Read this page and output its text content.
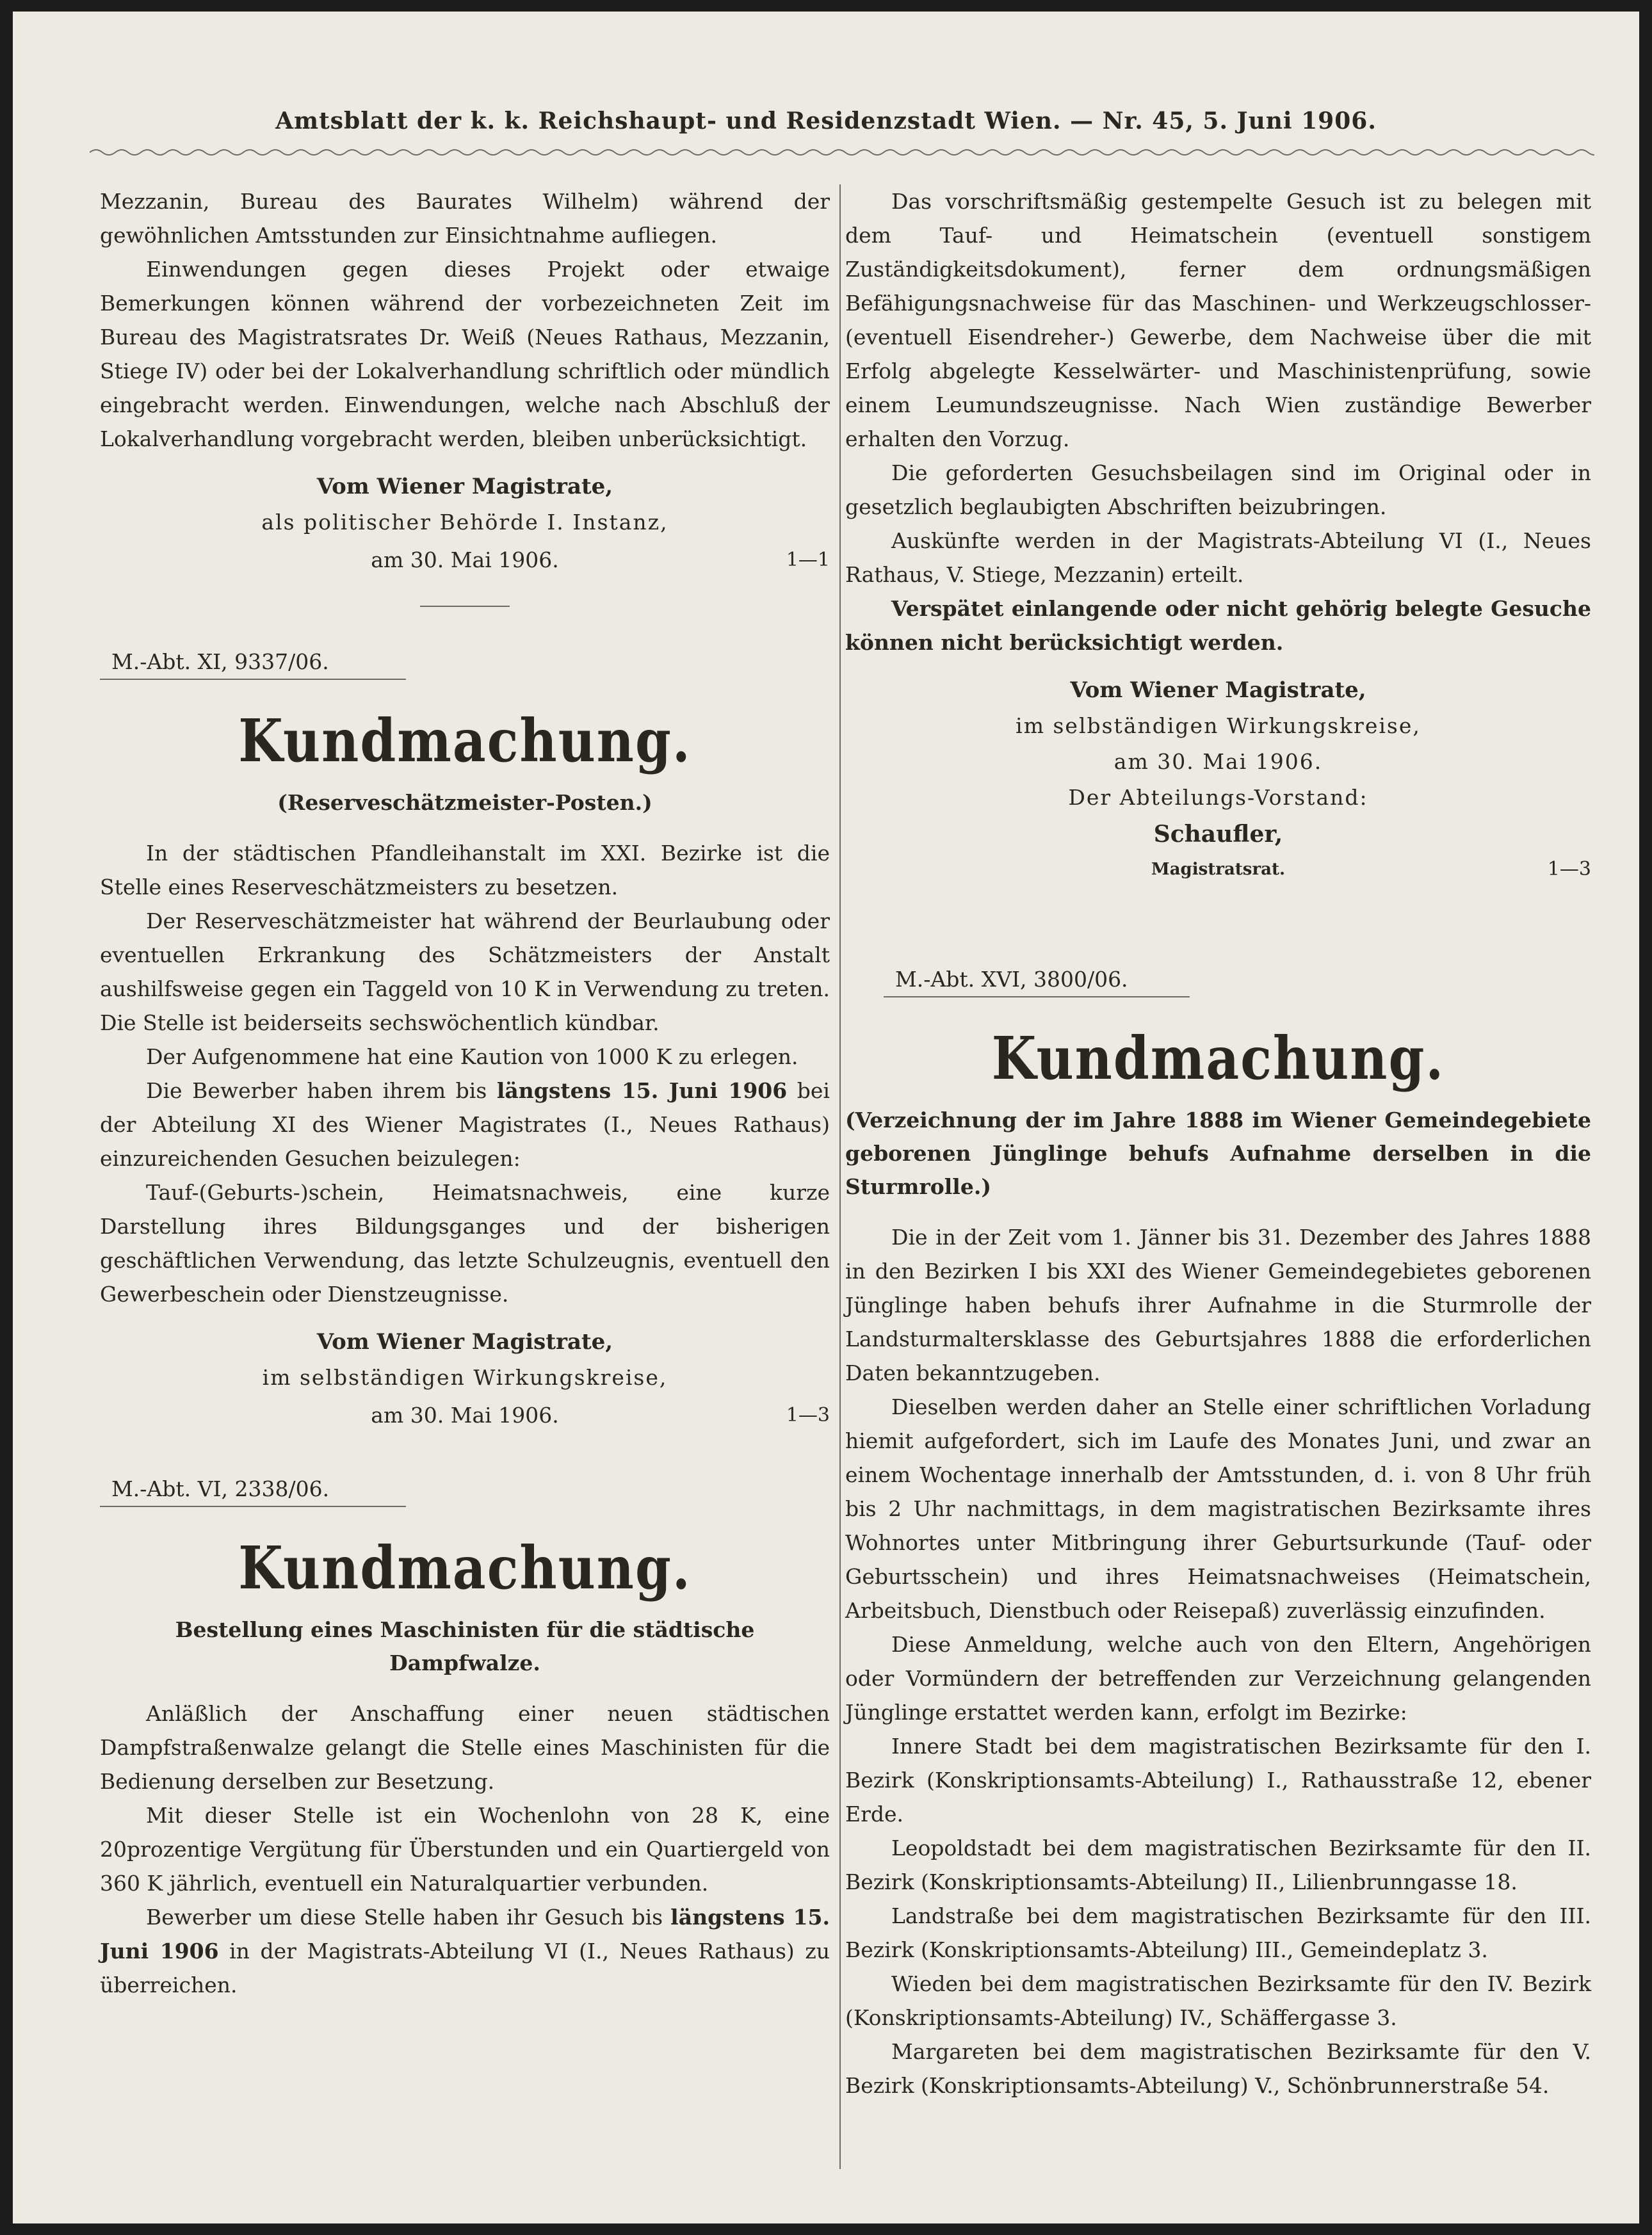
Amtsblatt der k. k. Reichshaupt- und Residenzstadt Wien. — Nr. 45, 5. Juni 1906.

Mezzanin, Bureau des Baurates Wilhelm) während der gewöhnlichen Amtsstunden zur Einsichtnahme aufliegen.

Einwendungen gegen dieses Projekt oder etwaige Bemerkungen können während der vorbezeichneten Zeit im Bureau des Magistratsrates Dr. Weiß (Neues Rathaus, Mezzanin, Stiege IV) oder bei der Lokalverhandlung schriftlich oder mündlich eingebracht werden. Einwendungen, welche nach Abschluß der Lokalverhandlung vorgebracht werden, bleiben unberücksichtigt.

Vom Wiener Magistrate,
als politischer Behörde I. Instanz,
am 30. Mai 1906.	1—1
M.-Abt. XI, 9337/06.
Kundmachung.
(Reserveschätzmeister-Posten.)

In der städtischen Pfandleihanstalt im XXI. Bezirke ist die Stelle eines Reserveschätzmeisters zu besetzen.

Der Reserveschätzmeister hat während der Beurlaubung oder eventuellen Erkrankung des Schätzmeisters der Anstalt aushilfsweise gegen ein Taggeld von 10 K in Verwendung zu treten. Die Stelle ist beiderseits sechswöchentlich kündbar.

Der Aufgenommene hat eine Kaution von 1000 K zu erlegen.

Die Bewerber haben ihrem bis längstens 15. Juni 1906 bei der Abteilung XI des Wiener Magistrates (I., Neues Rathaus) einzureichenden Gesuchen beizulegen:

Tauf-(Geburts-)schein, Heimatsnachweis, eine kurze Darstellung ihres Bildungsganges und der bisherigen geschäftlichen Verwendung, das letzte Schulzeugnis, eventuell den Gewerbeschein oder Dienstzeugnisse.

Vom Wiener Magistrate,
im selbständigen Wirkungskreise,
am 30. Mai 1906.	1—3
M.-Abt. VI, 2338/06.
Kundmachung.
Bestellung eines Maschinisten für die städtische Dampfwalze.

Anläßlich der Anschaffung einer neuen städtischen Dampfstraßenwalze gelangt die Stelle eines Maschinisten für die Bedienung derselben zur Besetzung.

Mit dieser Stelle ist ein Wochenlohn von 28 K, eine 20prozentige Vergütung für Überstunden und ein Quartiergeld von 360 K jährlich, eventuell ein Naturalquartier verbunden.

Bewerber um diese Stelle haben ihr Gesuch bis längstens 15. Juni 1906 in der Magistrats-Abteilung VI (I., Neues Rathaus) zu überreichen.

Das vorschriftsmäßig gestempelte Gesuch ist zu belegen mit dem Tauf- und Heimatschein (eventuell sonstigem Zuständigkeitsdokument), ferner dem ordnungsmäßigen Befähigungsnachweise für das Maschinen- und Werkzeugschlosser- (eventuell Eisendreher-) Gewerbe, dem Nachweise über die mit Erfolg abgelegte Kesselwärter- und Maschinistenprüfung, sowie einem Leumundszeugnisse. Nach Wien zuständige Bewerber erhalten den Vorzug.

Die geforderten Gesuchsbeilagen sind im Original oder in gesetzlich beglaubigten Abschriften beizubringen.

Auskünfte werden in der Magistrats-Abteilung VI (I., Neues Rathaus, V. Stiege, Mezzanin) erteilt.

Verspätet einlangende oder nicht gehörig belegte Gesuche können nicht berücksichtigt werden.

Vom Wiener Magistrate,
im selbständigen Wirkungskreise,
am 30. Mai 1906.
Der Abteilungs-Vorstand:
Schaufler,
Magistratsrat.	1—3
M.-Abt. XVI, 3800/06.
Kundmachung.
(Verzeichnung der im Jahre 1888 im Wiener Gemeindegebiete geborenen Jünglinge behufs Aufnahme derselben in die Sturmrolle.)

Die in der Zeit vom 1. Jänner bis 31. Dezember des Jahres 1888 in den Bezirken I bis XXI des Wiener Gemeindegebietes geborenen Jünglinge haben behufs ihrer Aufnahme in die Sturmrolle der Landsturmaltersklasse des Geburtsjahres 1888 die erforderlichen Daten bekanntzugeben.

Dieselben werden daher an Stelle einer schriftlichen Vorladung hiemit aufgefordert, sich im Laufe des Monates Juni, und zwar an einem Wochentage innerhalb der Amtsstunden, d. i. von 8 Uhr früh bis 2 Uhr nachmittags, in dem magistratischen Bezirksamte ihres Wohnortes unter Mitbringung ihrer Geburtsurkunde (Tauf- oder Geburtsschein) und ihres Heimatsnachweises (Heimatschein, Arbeitsbuch, Dienstbuch oder Reisepaß) zuverlässig einzufinden.

Diese Anmeldung, welche auch von den Eltern, Angehörigen oder Vormündern der betreffenden zur Verzeichnung gelangenden Jünglinge erstattet werden kann, erfolgt im Bezirke:

Innere Stadt bei dem magistratischen Bezirksamte für den I. Bezirk (Konskriptionsamts-Abteilung) I., Rathausstraße 12, ebener Erde.

Leopoldstadt bei dem magistratischen Bezirksamte für den II. Bezirk (Konskriptionsamts-Abteilung) II., Lilienbrunngasse 18.

Landstraße bei dem magistratischen Bezirksamte für den III. Bezirk (Konskriptionsamts-Abteilung) III., Gemeindeplatz 3.

Wieden bei dem magistratischen Bezirksamte für den IV. Bezirk (Konskriptionsamts-Abteilung) IV., Schäffergasse 3.

Margareten bei dem magistratischen Bezirksamte für den V. Bezirk (Konskriptionsamts-Abteilung) V., Schönbrunnerstraße 54.
